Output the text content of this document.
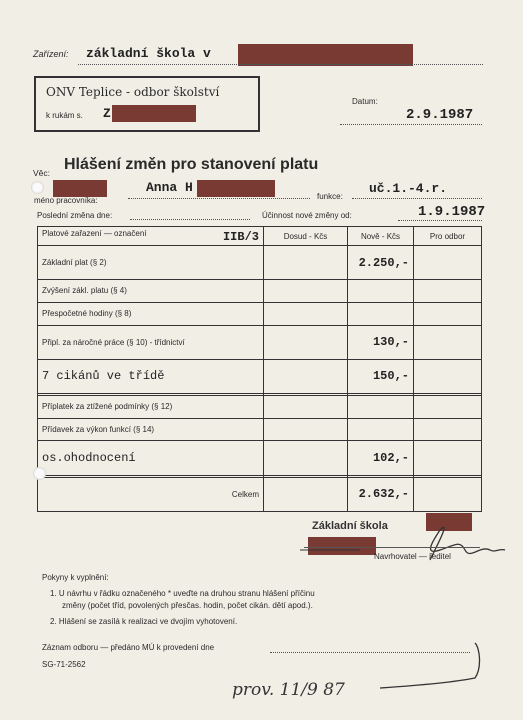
Zařízení: základní škola v
ONV Teplice - odbor školství
k rukám s. Z
Datum:
2.9.1987
Věc: Hlášení změn pro stanovení platu
méno pracovníka:
Anna H
funkce:
uč.1.-4.r.
Poslední změna dne:	Účinnost nové změny od:	1.9.1987
Platové zařazení — označení IIB/3	Dosud - Kčs	Nově - Kčs	Pro odbor
Základní plat (§ 2)		2.250,-	
Zvýšení zákl. platu (§ 4)			
Přespočetné hodiny (§ 8)			
Připl. za náročné práce (§ 10) - třídnictví		130,-	
7 cikánů ve třídě		150,-	

Příplatek za ztížené podmínky (§ 12)			
Přídavek za výkon funkcí (§ 14)			
os.ohodnocení		102,-	

Celkem		2.632,-	
Základní škola
Navrhovatel — ředitel
Pokyny k vyplnění:
1. U návrhu v řádku označeného * uveďte na druhou stranu hlášení příčinu
změny (počet tříd, povolených přesčas. hodin, počet cikán. dětí apod.).
2. Hlášení se zasílá k realizaci ve dvojím vyhotovení.
Záznam odboru — předáno MÚ k provedení dne
SG-71-2562
prov. 11/9 87
